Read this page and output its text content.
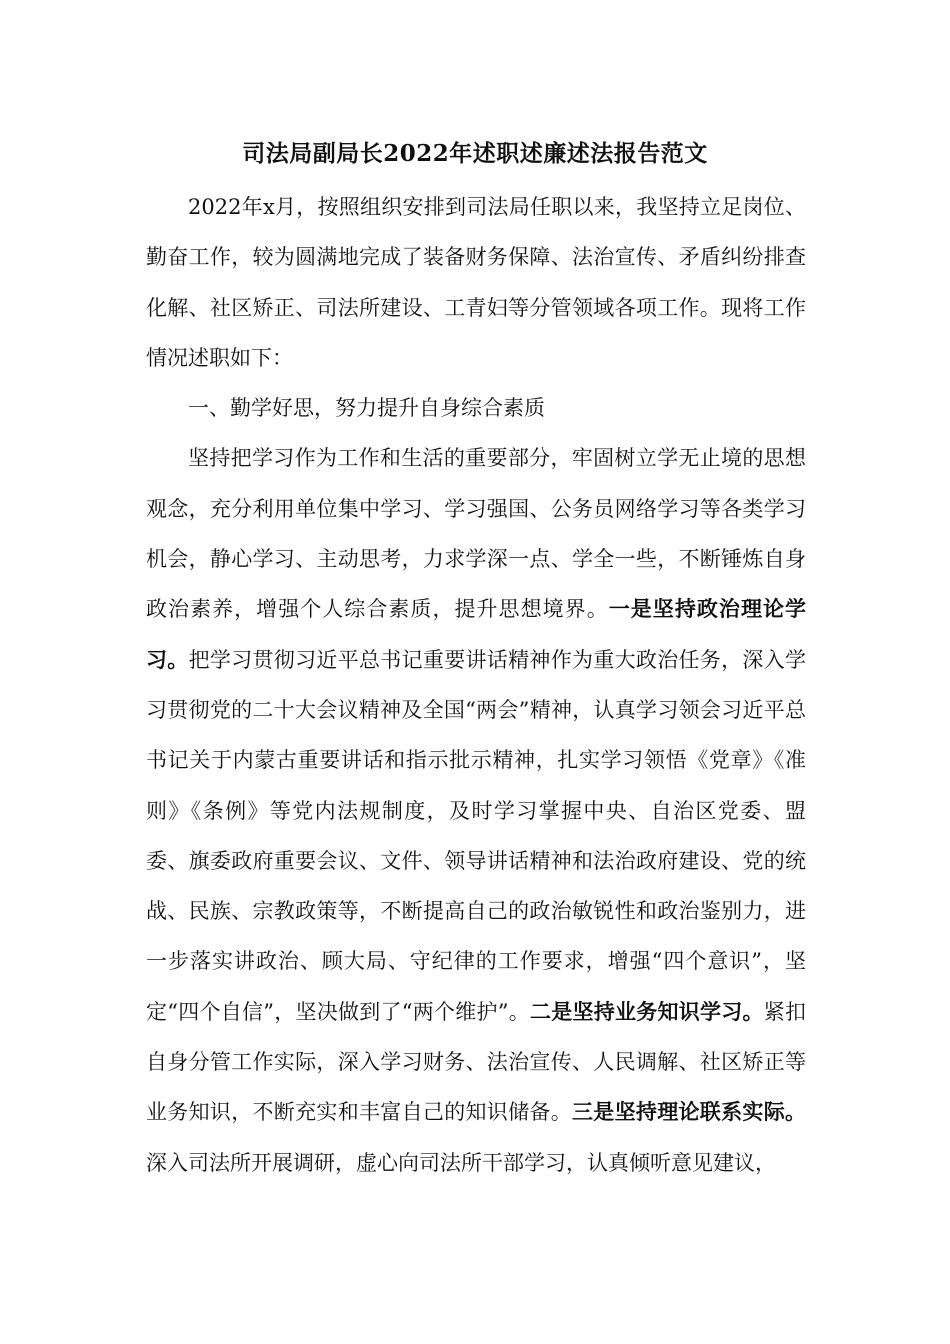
司法局副局长2022年述职述廉述法报告范文

2022年x月，按照组织安排到司法局任职以来，我坚持立足岗位、勤奋工作，较为圆满地完成了装备财务保障、法治宣传、矛盾纠纷排查化解、社区矫正、司法所建设、工青妇等分管领域各项工作。现将工作情况述职如下：

一、勤学好思，努力提升自身综合素质

坚持把学习作为工作和生活的重要部分，牢固树立学无止境的思想观念，充分利用单位集中学习、学习强国、公务员网络学习等各类学习机会，静心学习、主动思考，力求学深一点、学全一些，不断锤炼自身政治素养，增强个人综合素质，提升思想境界。一是坚持政治理论学习。把学习贯彻习近平总书记重要讲话精神作为重大政治任务，深入学习贯彻党的二十大会议精神及全国“两会”精神，认真学习领会习近平总书记关于内蒙古重要讲话和指示批示精神，扎实学习领悟《党章》《准则》《条例》等党内法规制度，及时学习掌握中央、自治区党委、盟委、旗委政府重要会议、文件、领导讲话精神和法治政府建设、党的统战、民族、宗教政策等，不断提高自己的政治敏锐性和政治鉴别力，进一步落实讲政治、顾大局、守纪律的工作要求，增强“四个意识”，坚定“四个自信”，坚决做到了“两个维护”。二是坚持业务知识学习。紧扣自身分管工作实际，深入学习财务、法治宣传、人民调解、社区矫正等业务知识，不断充实和丰富自己的知识储备。三是坚持理论联系实际。深入司法所开展调研，虚心向司法所干部学习，认真倾听意见建议，
